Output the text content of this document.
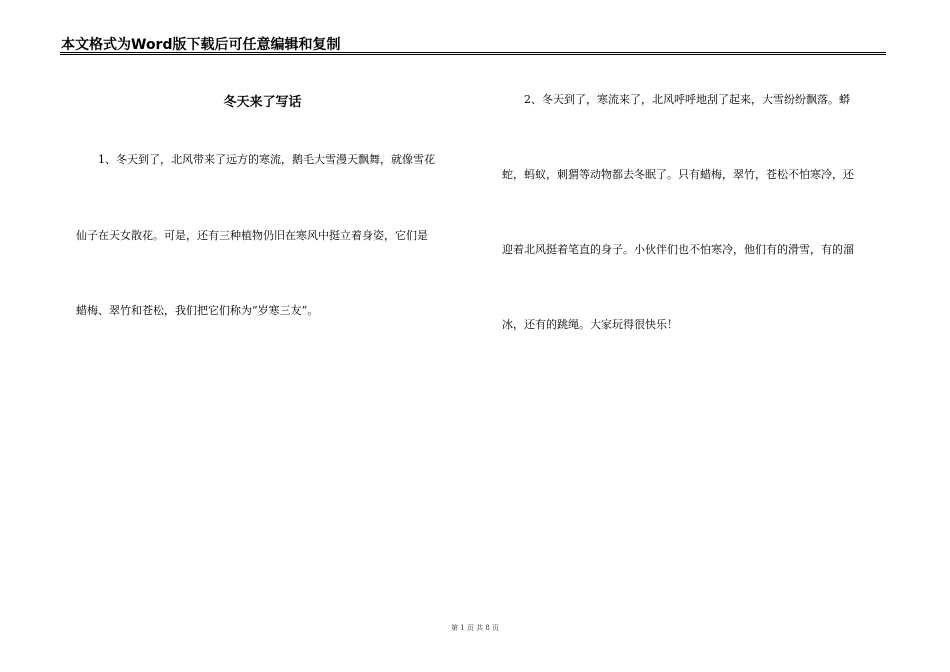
本文格式为Word版下载后可任意编辑和复制
冬天来了写话
1、冬天到了，北风带来了远方的寒流，鹅毛大雪漫天飘舞，就像雪花
仙子在天女散花。可是，还有三种植物仍旧在寒风中挺立着身姿，它们是
蜡梅、翠竹和苍松，我们把它们称为“岁寒三友”。
2、冬天到了，寒流来了，北风呼呼地刮了起来，大雪纷纷飘落。蟒
蛇，蚂蚁，刺猬等动物都去冬眠了。只有蜡梅，翠竹，苍松不怕寒冷，还
迎着北风挺着笔直的身子。小伙伴们也不怕寒冷，他们有的滑雪，有的溜
冰，还有的跳绳。大家玩得很快乐！
第 1 页 共 8 页
